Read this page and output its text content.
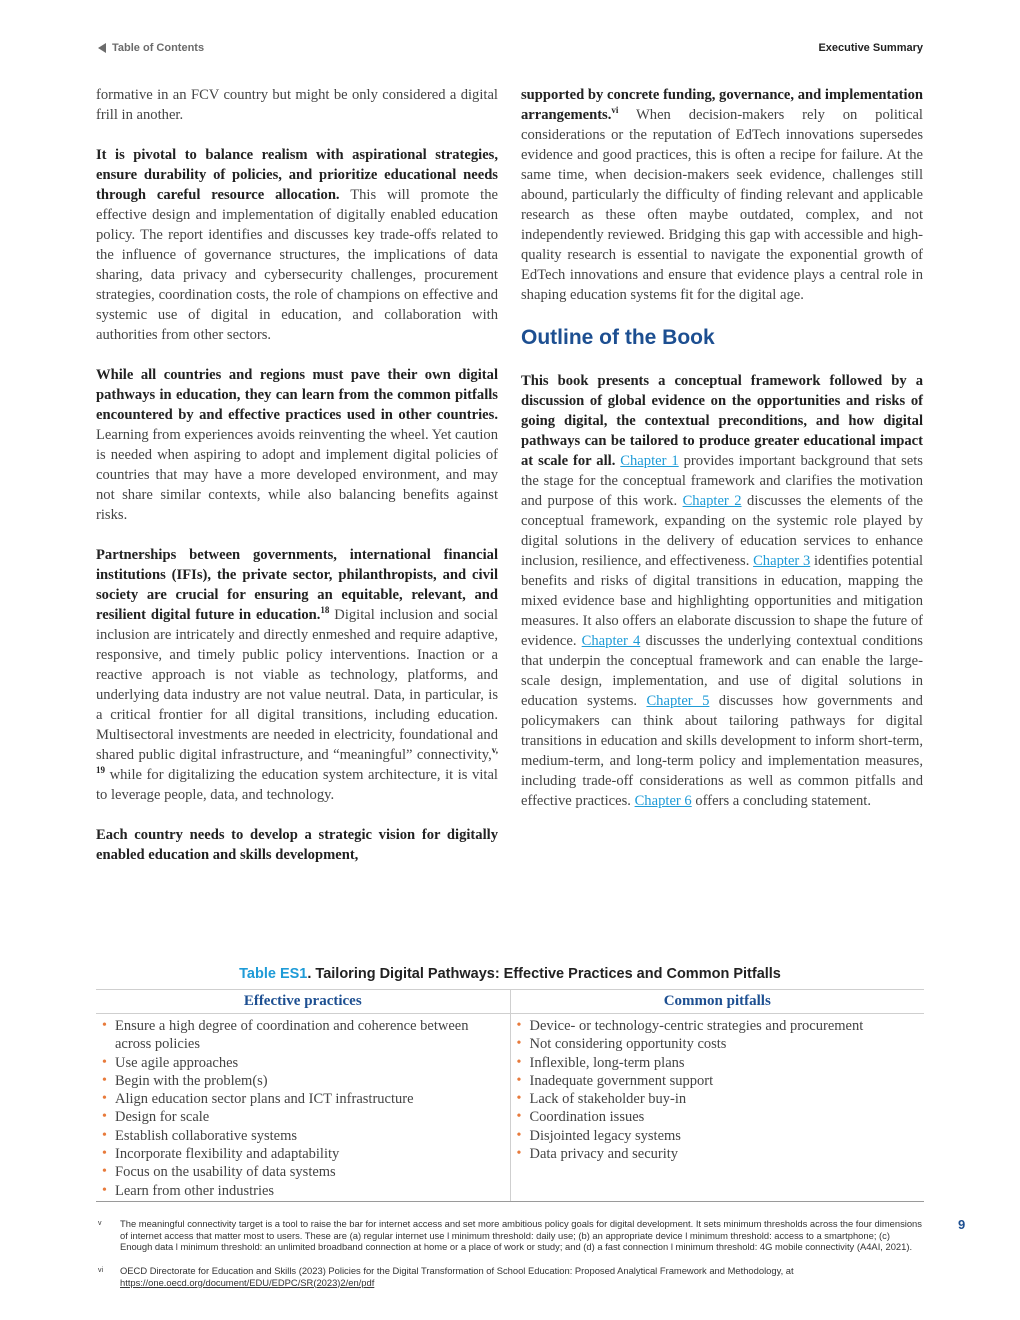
Table of Contents	Executive Summary

formative in an FCV country but might be only considered a digital frill in another.

It is pivotal to balance realism with aspirational strategies, ensure durability of policies, and prioritize educational needs through careful resource allocation. This will promote the effective design and implementation of digitally enabled education policy. The report identifies and discusses key trade-offs related to the influence of governance structures, the implications of data sharing, data privacy and cybersecurity challenges, procurement strategies, coordination costs, the role of champions on effective and systemic use of digital in education, and collaboration with authorities from other sectors.

While all countries and regions must pave their own digital pathways in education, they can learn from the common pitfalls encountered by and effective practices used in other countries. Learning from experiences avoids reinventing the wheel. Yet caution is needed when aspiring to adopt and implement digital policies of countries that may have a more developed environment, and may not share similar contexts, while also balancing benefits against risks.

Partnerships between governments, international financial institutions (IFIs), the private sector, philanthropists, and civil society are crucial for ensuring an equitable, relevant, and resilient digital future in education.$^{18}$ Digital inclusion and social inclusion are intricately and directly enmeshed and require adaptive, responsive, and timely public policy interventions. Inaction or a reactive approach is not viable as technology, platforms, and underlying data industry are not value neutral. Data, in particular, is a critical frontier for all digital transitions, including education. Multisectoral investments are needed in electricity, foundational and shared public digital infrastructure, and “meaningful” connectivity,$^{v, 19}$ while for digitalizing the education system architecture, it is vital to leverage people, data, and technology.

Each country needs to develop a strategic vision for digitally enabled education and skills development,

supported by concrete funding, governance, and implementation arrangements.$^{vi}$ When decision-makers rely on political considerations or the reputation of EdTech innovations supersedes evidence and good practices, this is often a recipe for failure. At the same time, when decision-makers seek evidence, challenges still abound, particularly the difficulty of finding relevant and applicable research as these often maybe outdated, complex, and not independently reviewed. Bridging this gap with accessible and high-quality research is essential to navigate the exponential growth of EdTech innovations and ensure that evidence plays a central role in shaping education systems fit for the digital age.

Outline of the Book

This book presents a conceptual framework followed by a discussion of global evidence on the opportunities and risks of going digital, the contextual preconditions, and how digital pathways can be tailored to produce greater educational impact at scale for all. Chapter 1 provides important background that sets the stage for the conceptual framework and clarifies the motivation and purpose of this work. Chapter 2 discusses the elements of the conceptual framework, expanding on the systemic role played by digital solutions in the delivery of education services to enhance inclusion, resilience, and effectiveness. Chapter 3 identifies potential benefits and risks of digital transitions in education, mapping the mixed evidence base and highlighting opportunities and mitigation measures. It also offers an elaborate discussion to shape the future of evidence. Chapter 4 discusses the underlying contextual conditions that underpin the conceptual framework and can enable the large-scale design, implementation, and use of digital solutions in education systems. Chapter 5 discusses how governments and policymakers can think about tailoring pathways for digital transitions in education and skills development to inform short-term, medium-term, and long-term policy and implementation measures, including trade-off considerations as well as common pitfalls and effective practices. Chapter 6 offers a concluding statement.

Table ES1. Tailoring Digital Pathways: Effective Practices and Common Pitfalls
Effective practices	Common pitfalls
• Ensure a high degree of coordination and coherence between across policies
• Use agile approaches
• Begin with the problem(s)
• Align education sector plans and ICT infrastructure
• Design for scale
• Establish collaborative systems
• Incorporate flexibility and adaptability
• Focus on the usability of data systems
• Learn from other industries
• Device- or technology-centric strategies and procurement
• Not considering opportunity costs
• Inflexible, long-term plans
• Inadequate government support
• Lack of stakeholder buy-in
• Coordination issues
• Disjointed legacy systems
• Data privacy and security
v The meaningful connectivity target is a tool to raise the bar for internet access and set more ambitious policy goals for digital development. It sets minimum thresholds across the four dimensions of internet access that matter most to users. These are (a) regular internet use l minimum threshold: daily use; (b) an appropriate device l minimum threshold: access to a smartphone; (c) Enough data l minimum threshold: an unlimited broadband connection at home or a place of work or study; and (d) a fast connection l minimum threshold: 4G mobile connectivity (A4AI, 2021).
vi OECD Directorate for Education and Skills (2023) Policies for the Digital Transformation of School Education: Proposed Analytical Framework and Methodology, at https://one.oecd.org/document/EDU/EDPC/SR(2023)2/en/pdf
9
